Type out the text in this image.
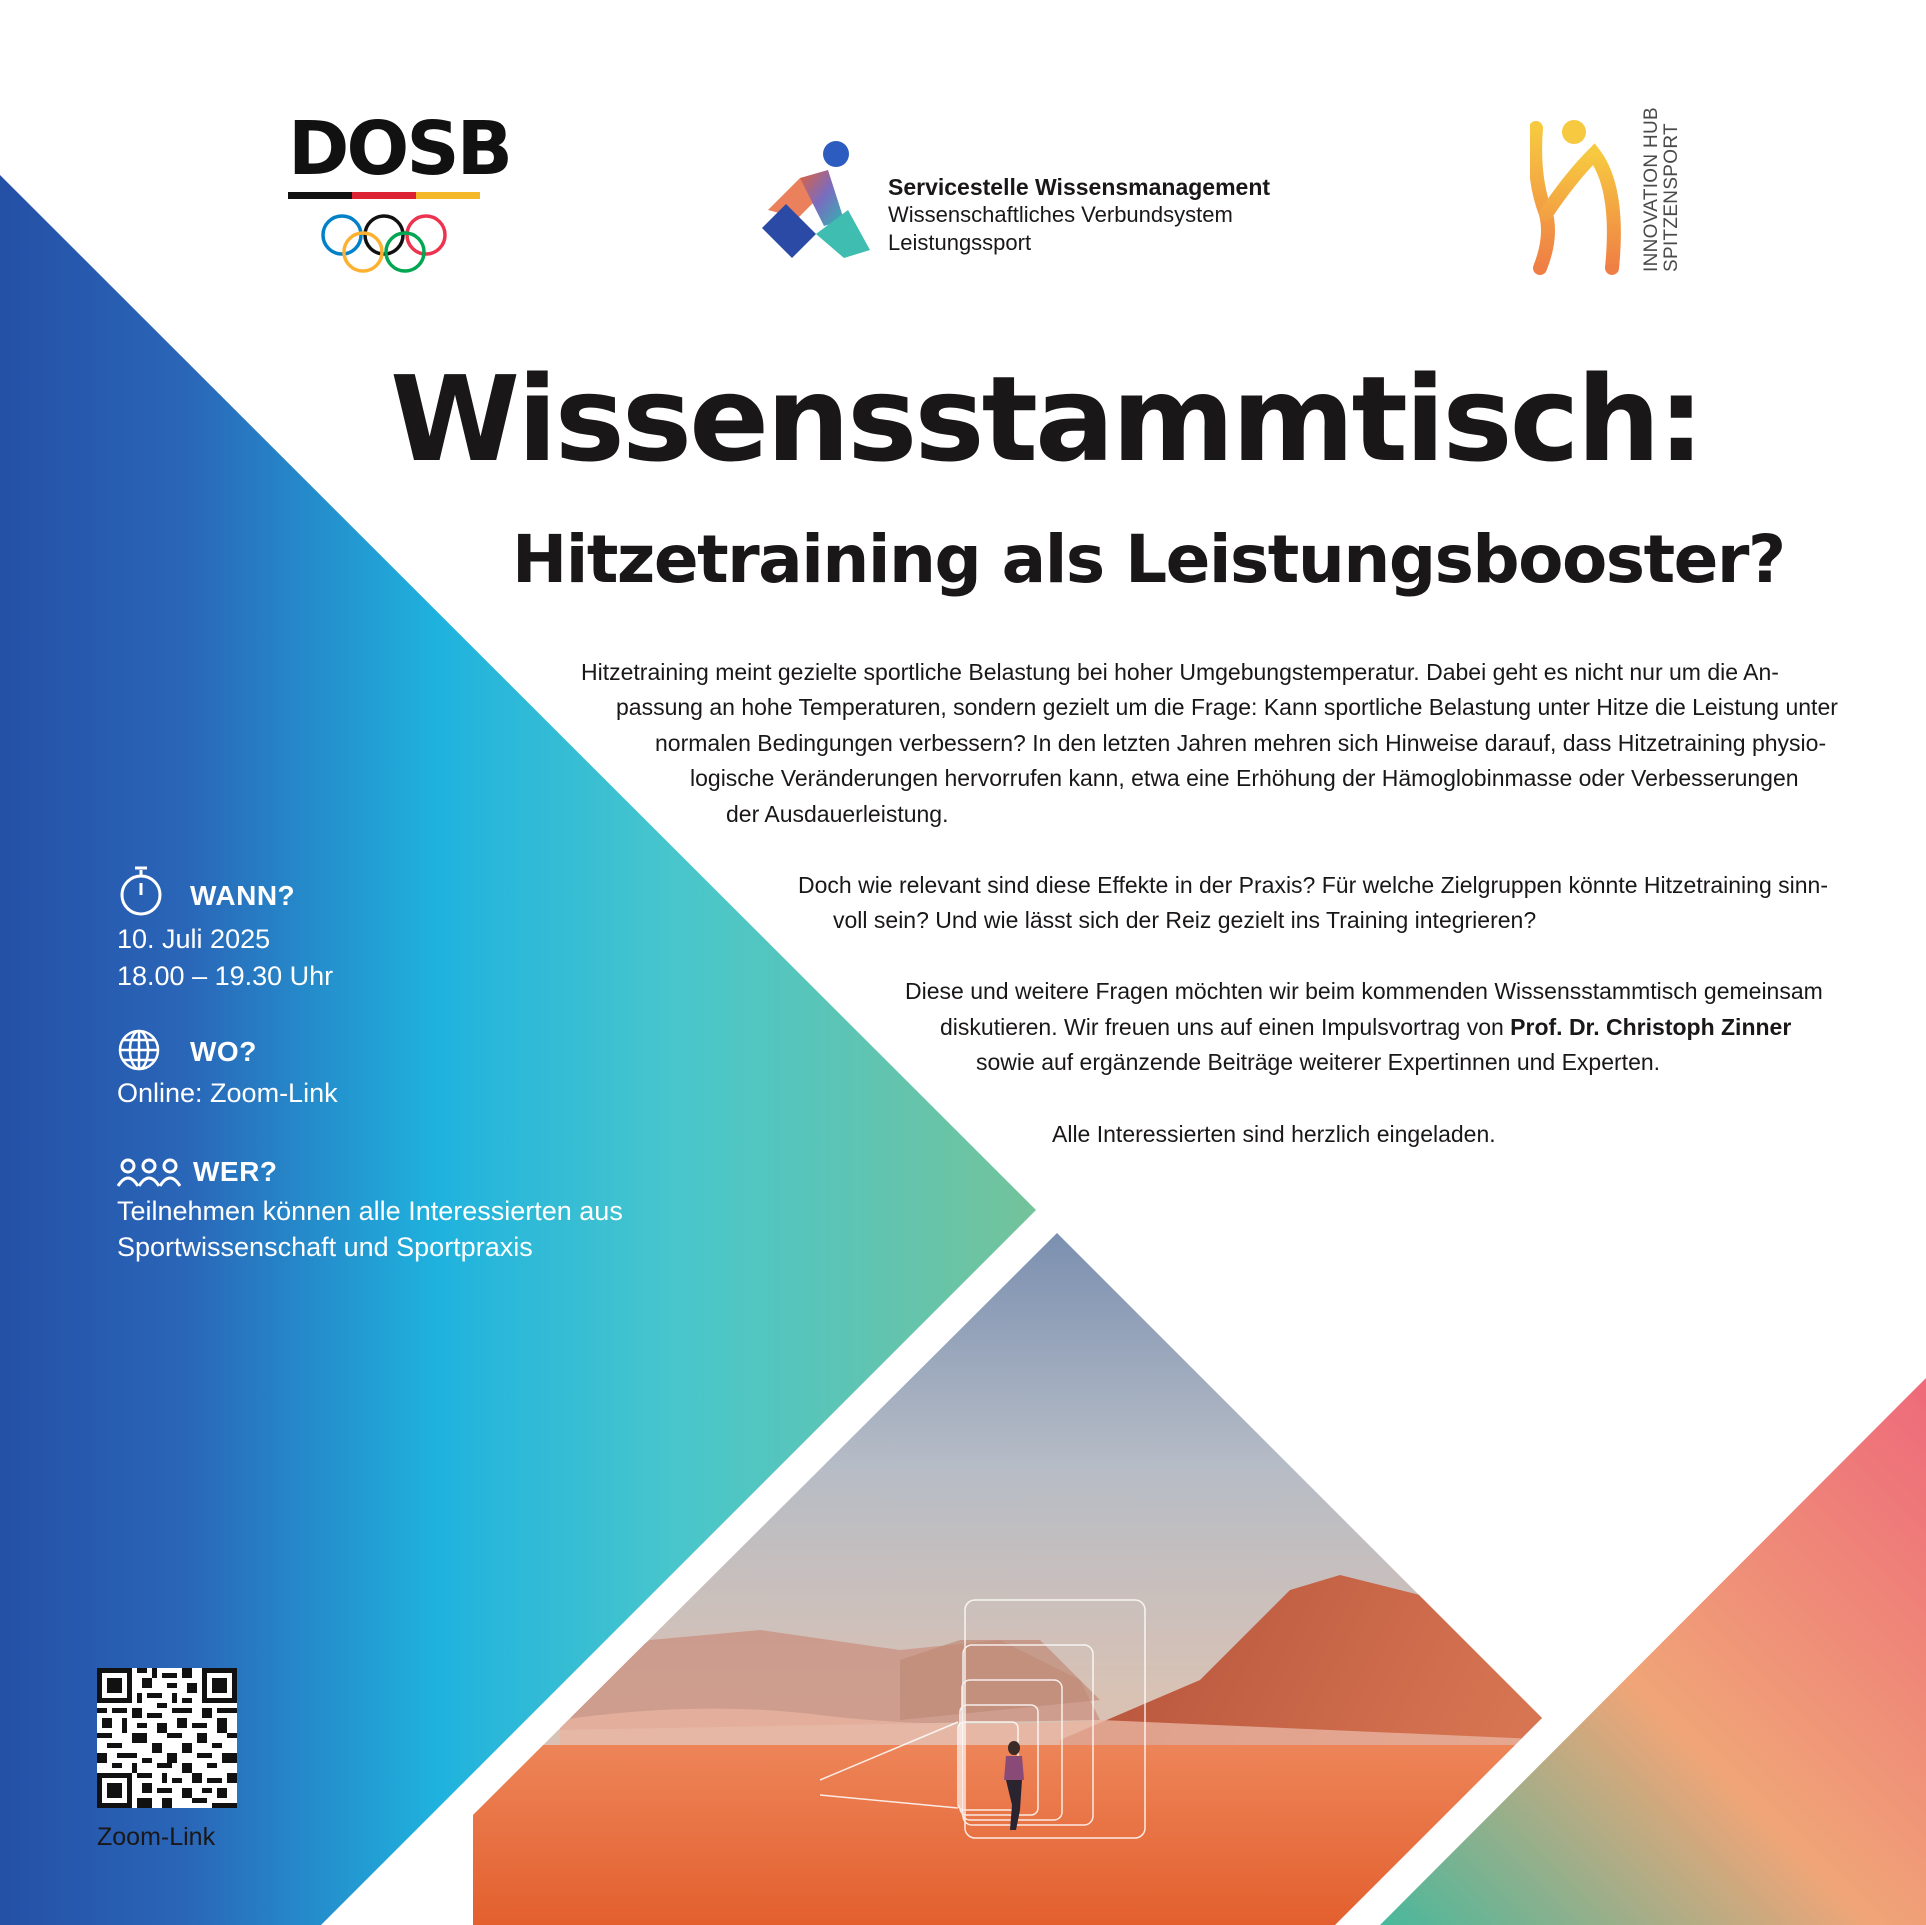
DOSB	Servicestelle Wissensmanagement
Wissenschaftliches Verbundsystem
Leistungssport	INNOVATION HUB SPITZENSPORT
Wissensstammtisch:
Hitzetraining als Leistungsbooster?
Hitzetraining meint gezielte sportliche Belastung bei hoher Umgebungstemperatur. Dabei geht es nicht nur um die An-
passung an hohe Temperaturen, sondern gezielt um die Frage: Kann sportliche Belastung unter Hitze die Leistung unter
normalen Bedingungen verbessern? In den letzten Jahren mehren sich Hinweise darauf, dass Hitzetraining physio-
logische Veränderungen hervorrufen kann, etwa eine Erhöhung der Hämoglobinmasse oder Verbesserungen
der Ausdauerleistung.
Doch wie relevant sind diese Effekte in der Praxis? Für welche Zielgruppen könnte Hitzetraining sinn-
voll sein? Und wie lässt sich der Reiz gezielt ins Training integrieren?
Diese und weitere Fragen möchten wir beim kommenden Wissensstammtisch gemeinsam
diskutieren. Wir freuen uns auf einen Impulsvortrag von Prof. Dr. Christoph Zinner
sowie auf ergänzende Beiträge weiterer Expertinnen und Experten.
Alle Interessierten sind herzlich eingeladen.
WANN?
10. Juli 2025
18.00 – 19.30 Uhr
WO?
Online: Zoom-Link
WER?
Teilnehmen können alle Interessierten aus
Sportwissenschaft und Sportpraxis
Zoom-Link
